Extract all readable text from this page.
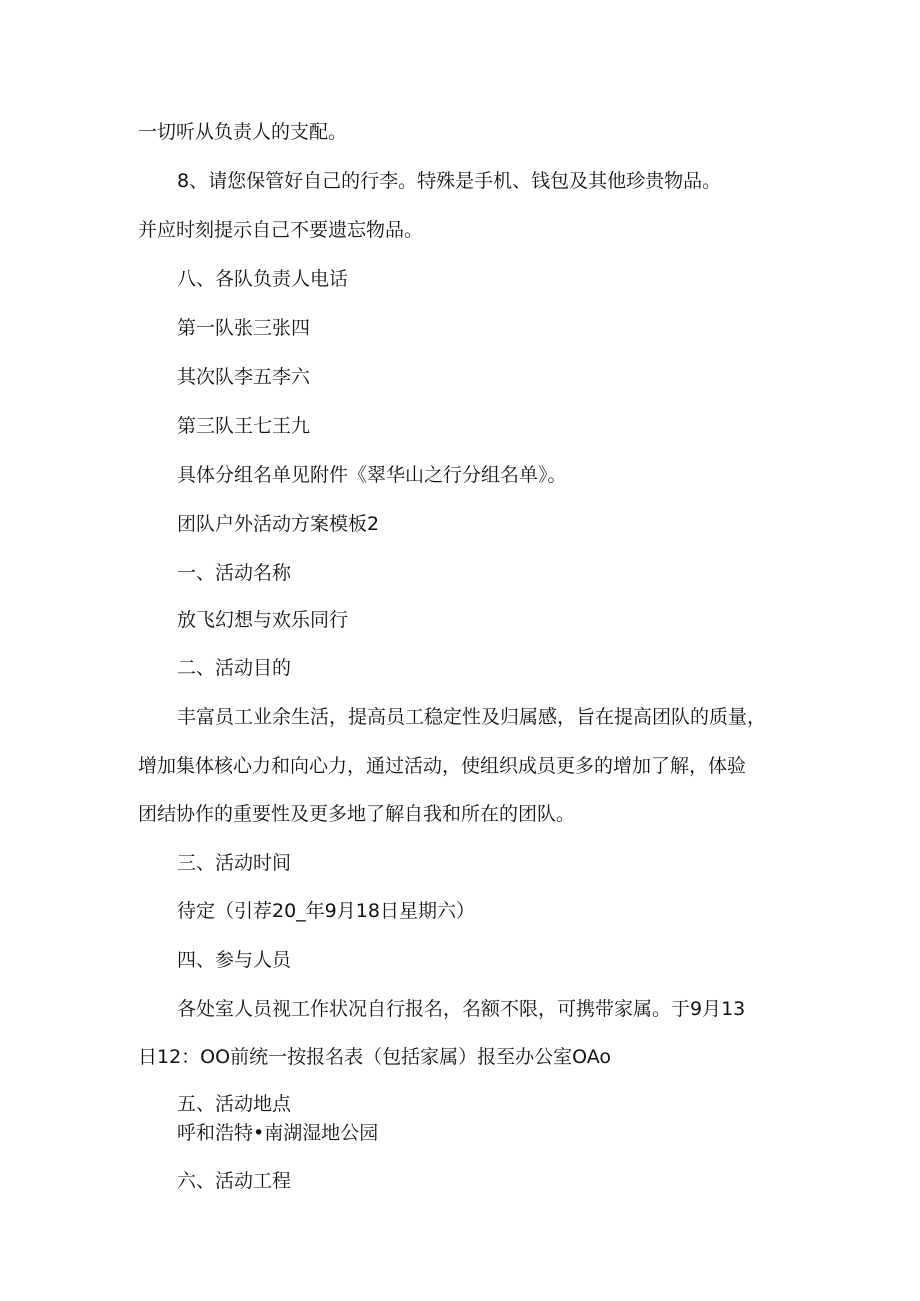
一切听从负责人的支配。
8、请您保管好自己的行李。特殊是手机、钱包及其他珍贵物品。
并应时刻提示自己不要遗忘物品。
八、各队负责人电话
第一队张三张四
其次队李五李六
第三队王七王九
具体分组名单见附件《翠华山之行分组名单》。
团队户外活动方案模板2
一、活动名称
放飞幻想与欢乐同行
二、活动目的
丰富员工业余生活，提高员工稳定性及归属感，旨在提高团队的质量，
增加集体核心力和向心力，通过活动，使组织成员更多的增加了解，体验
团结协作的重要性及更多地了解自我和所在的团队。
三、活动时间
待定（引荐20_年9月18日星期六）
四、参与人员
各处室人员视工作状况自行报名，名额不限，可携带家属。于9月13
日12：OO前统一按报名表（包括家属）报至办公室OAo
五、活动地点
呼和浩特•南湖湿地公园
六、活动工程
